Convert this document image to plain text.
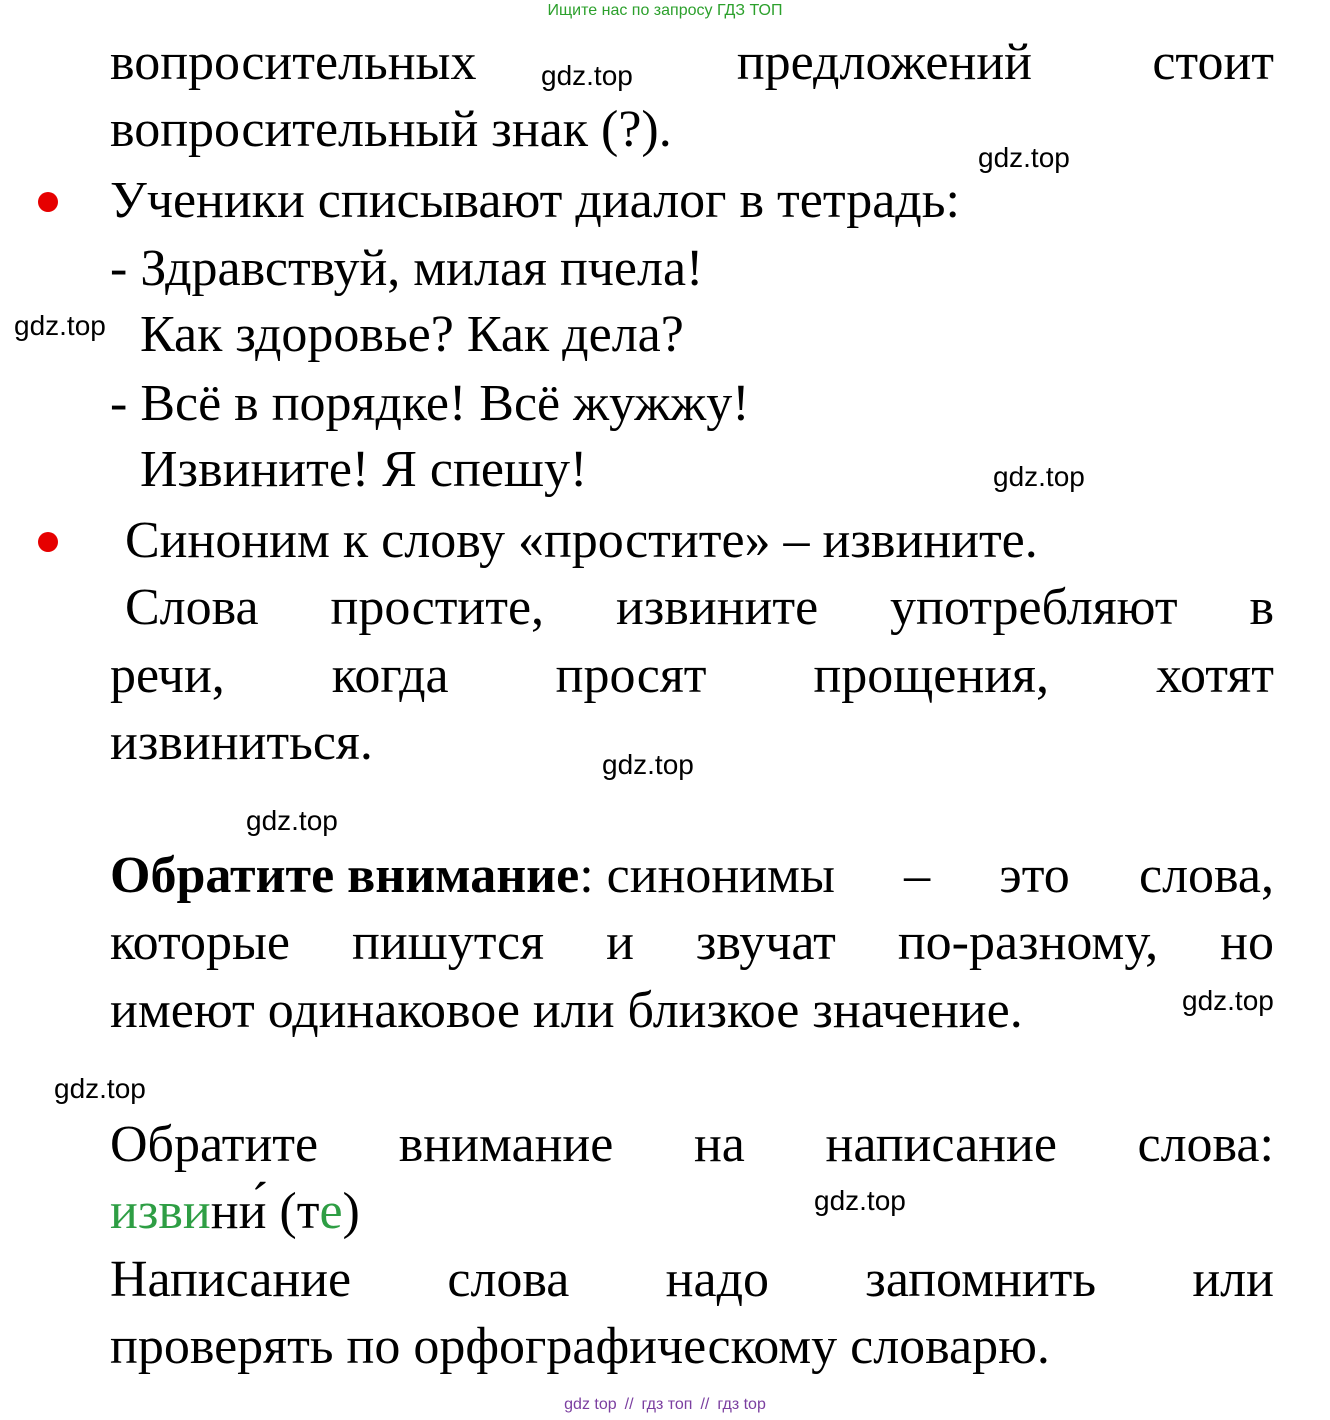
Ищите нас по запросу ГДЗ ТОП
вопросительных	предложений стоит
вопросительный знак (?).
Ученики списывают диалог в тетрадь:
- Здравствуй, милая пчела!
Как здоровье? Как дела?
- Всё в порядке! Всё жужжу!
Извините! Я спешу!
Синоним к слову «простите» – извините.
Слова простите, извините употребляют в
речи, когда просят прощения, хотят
извиниться.
Обратите внимание: синонимы – это слова,
которые пишутся и звучат по-разному, но
имеют одинаковое или близкое значение.
Обратите внимание на написание слова:
извини́ (те)
Написание слова надо запомнить или
проверять по орфографическому словарю.
gdz.top
gdz.top
gdz.top
gdz.top
gdz.top
gdz.top
gdz.top
gdz.top
gdz.top
gdz top // гдз топ // гдз top
